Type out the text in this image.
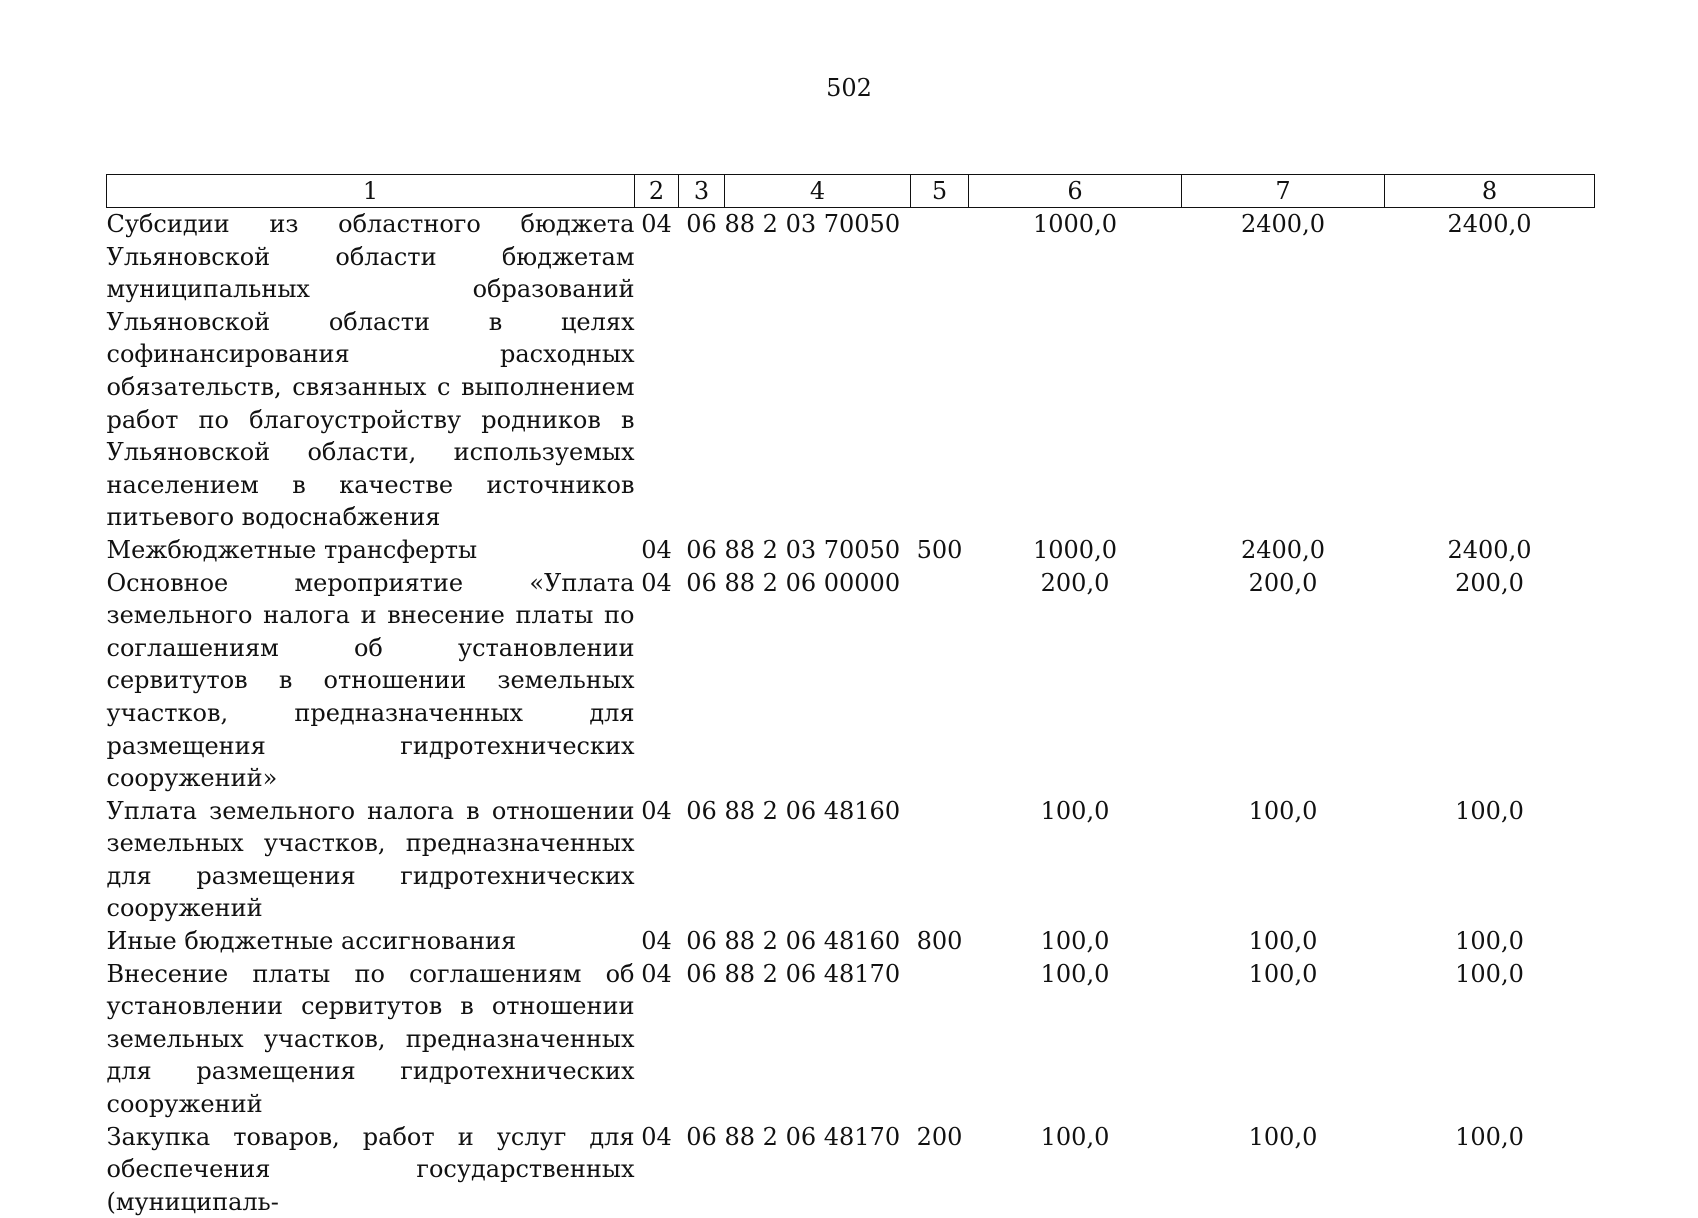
502
1	2	3	4	5	6	7	8
Субсидии из областного бюджета Ульяновской области бюджетам муниципальных образований Ульяновской области в целях софинансирования расходных обязательств, связанных с выполнением работ по благоустройству родников в Ульяновской области, используемых населением в качестве источников питьевого водоснабжения	04	06	88 2 03 70050		1000,0	2400,0	2400,0
Межбюджетные трансферты	04	06	88 2 03 70050	500	1000,0	2400,0	2400,0
Основное мероприятие «Уплата земельного налога и внесение платы по соглашениям об установлении сервитутов в отношении земельных участков, предназначенных для размещения гидротехнических сооружений»	04	06	88 2 06 00000		200,0	200,0	200,0
Уплата земельного налога в отношении земельных участков, предназначенных для размещения гидротехнических сооружений	04	06	88 2 06 48160		100,0	100,0	100,0
Иные бюджетные ассигнования	04	06	88 2 06 48160	800	100,0	100,0	100,0
Внесение платы по соглашениям об установлении сервитутов в отношении земельных участков, предназначенных для размещения гидротехнических сооружений	04	06	88 2 06 48170		100,0	100,0	100,0
Закупка товаров, работ и услуг для обеспечения государственных (муниципаль-	04	06	88 2 06 48170	200	100,0	100,0	100,0
